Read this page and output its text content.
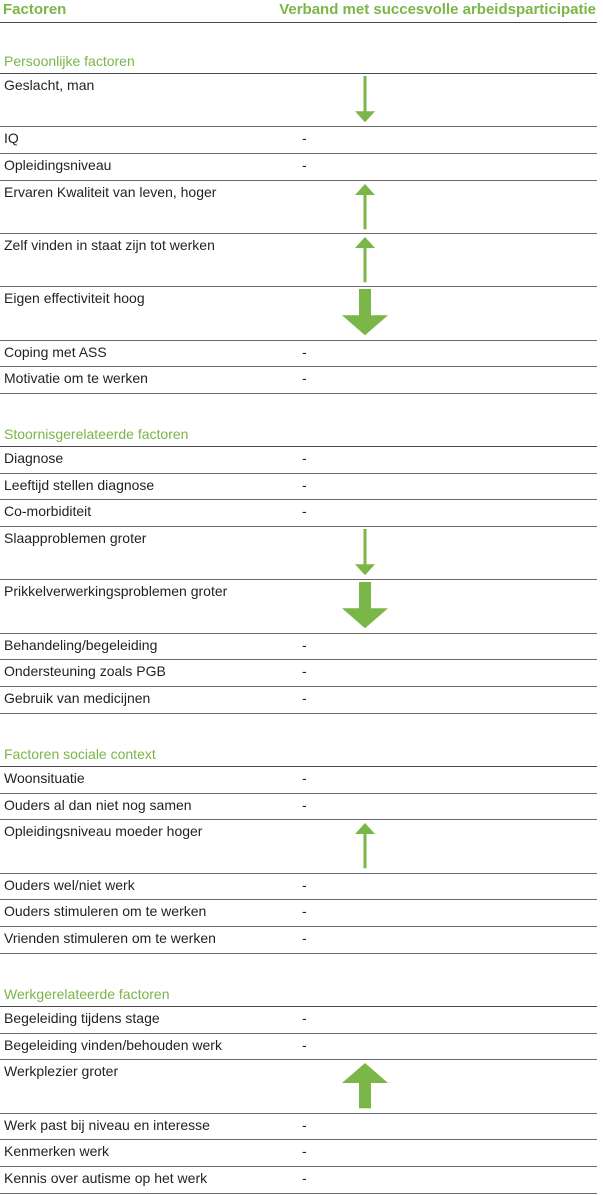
Factoren	Verband met succesvolle arbeidsparticipatie
Persoonlijke factoren
Geslacht, man
IQ	-
Opleidingsniveau	-
Ervaren Kwaliteit van leven, hoger
Zelf vinden in staat zijn tot werken
Eigen effectiviteit hoog
Coping met ASS	-
Motivatie om te werken	-
Stoornisgerelateerde factoren
Diagnose	-
Leeftijd stellen diagnose	-
Co-morbiditeit	-
Slaapproblemen groter
Prikkelverwerkingsproblemen groter
Behandeling/begeleiding	-
Ondersteuning zoals PGB	-
Gebruik van medicijnen	-
Factoren sociale context
Woonsituatie	-
Ouders al dan niet nog samen	-
Opleidingsniveau moeder hoger
Ouders wel/niet werk	-
Ouders stimuleren om te werken	-
Vrienden stimuleren om te werken	-
Werkgerelateerde factoren
Begeleiding tijdens stage	-
Begeleiding vinden/behouden werk	-
Werkplezier groter
Werk past bij niveau en interesse	-
Kenmerken werk	-
Kennis over autisme op het werk	-
